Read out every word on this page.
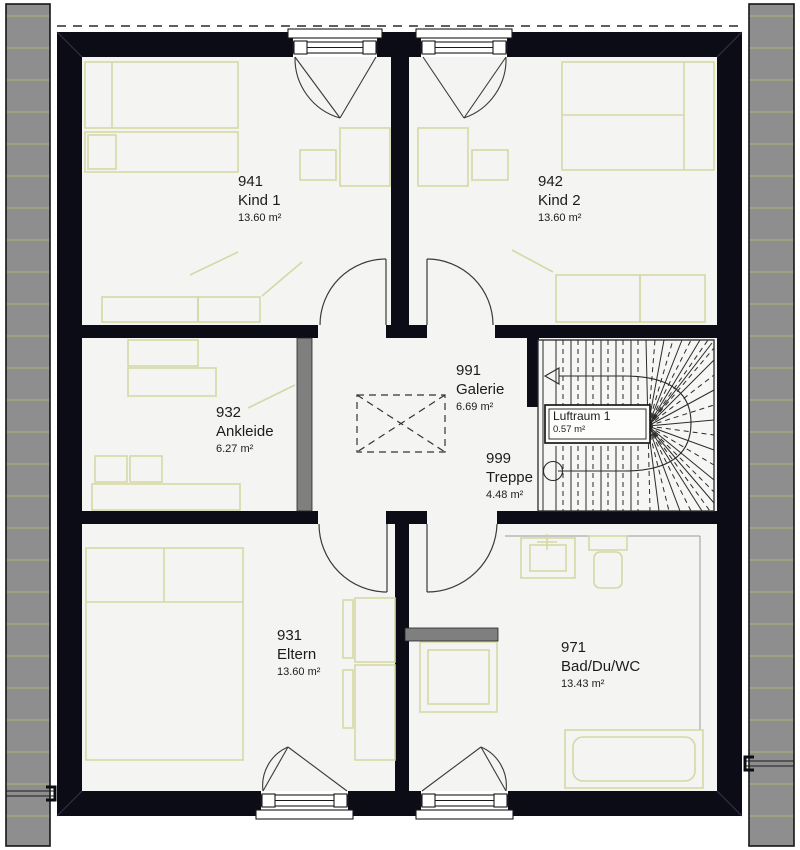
941
Kind 1
13.60 m²
942
Kind 2
13.60 m²
932
Ankleide
6.27 m²
991
Galerie
6.69 m²
999
Treppe
4.48 m²
931
Eltern
13.60 m²
971
Bad/Du/WC
13.43 m²
Luftraum 1
0.57 m²
